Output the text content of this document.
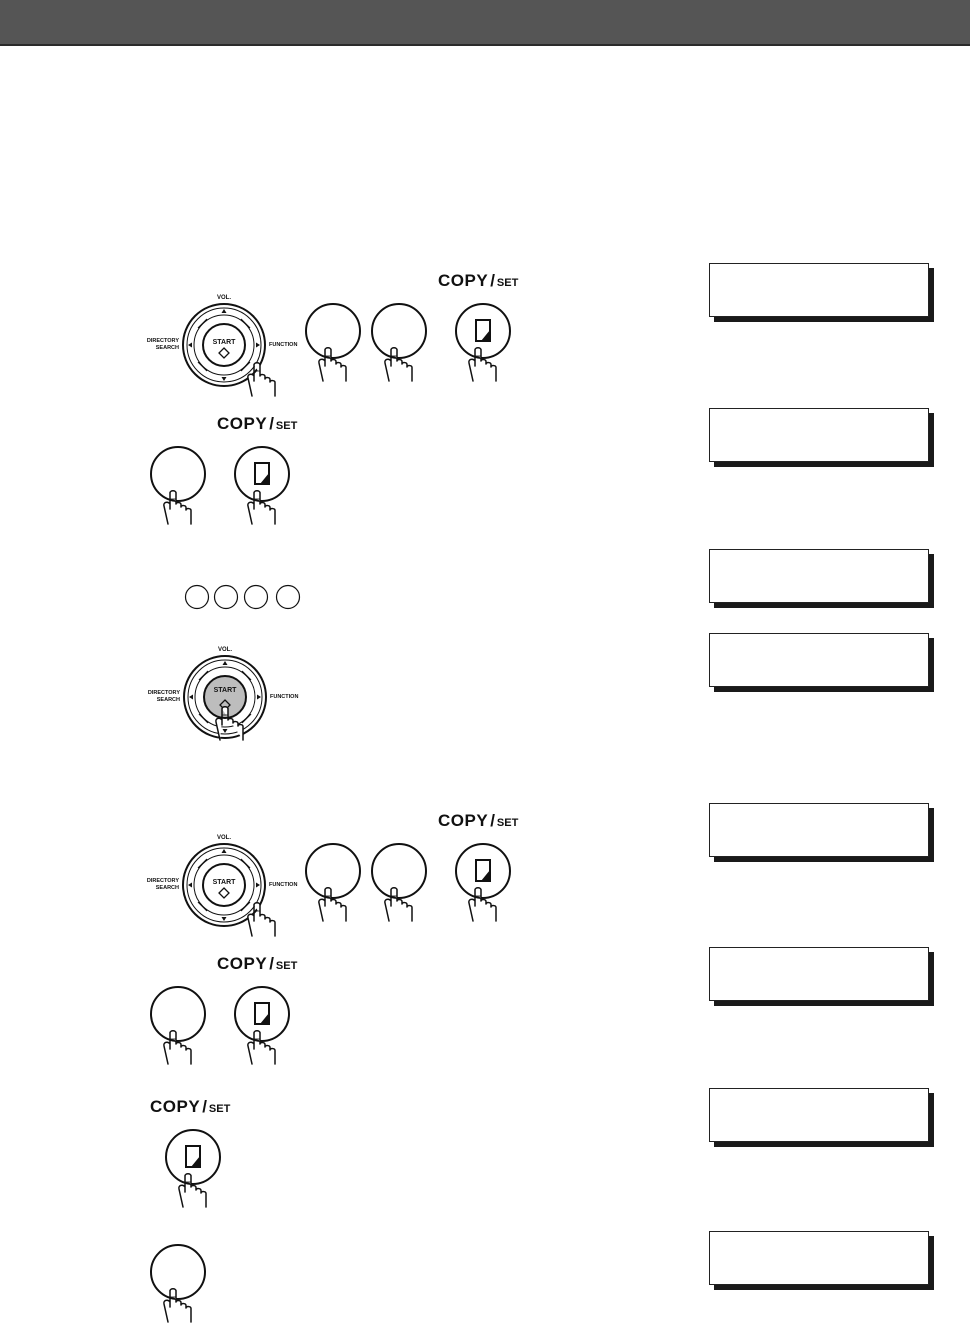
COPY / SET
COPY / SET
COPY / SET
COPY / SET
COPY / SET
START
VOL.
DIRECTORY
SEARCH	FUNCTION
START
VOL.
DIRECTORY
SEARCH	FUNCTION
START
VOL.
DIRECTORY
SEARCH	FUNCTION
